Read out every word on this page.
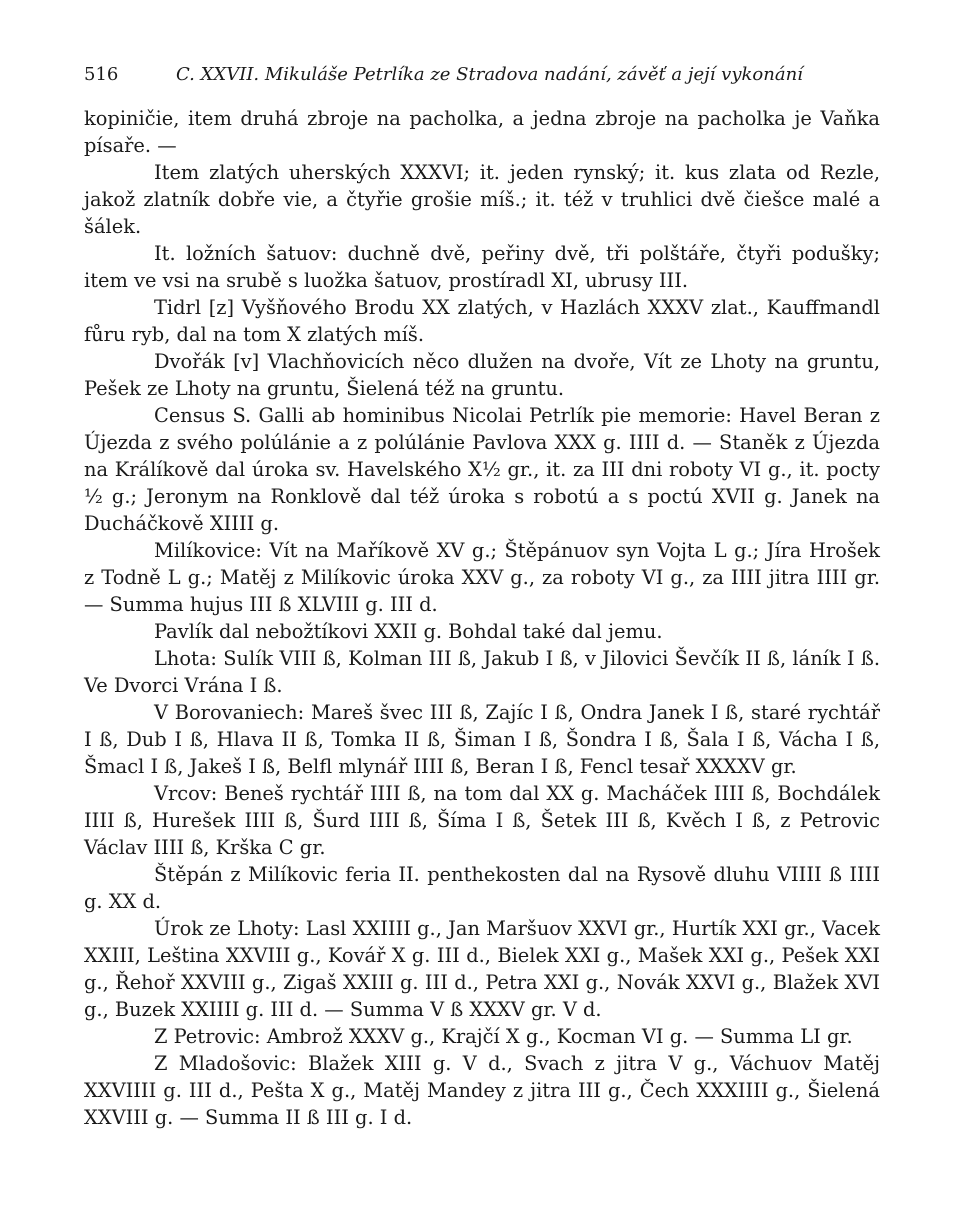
516	C. XXVII. Mikuláše Petrlíka ze Stradova nadání, závěť a její vykonání

kopiničie, item druhá zbroje na pacholka, a jedna zbroje na pacholka je Vaňka písaře. —

Item zlatých uherských XXXVI; it. jeden rynský; it. kus zlata od Rezle, jakož zlatník dobře vie, a čtyřie grošie míš.; it. též v truhlici dvě čiešce malé a šálek.

It. ložních šatuov: duchně dvě, peřiny dvě, tři polštáře, čtyři podušky; item ve vsi na srubě s luožka šatuov, prostíradl XI, ubrusy III.

Tidrl [z] Vyšňového Brodu XX zlatých, v Hazlách XXXV zlat., Kauffmandl fůru ryb, dal na tom X zlatých míš.

Dvořák [v] Vlachňovicích něco dlužen na dvoře, Vít ze Lhoty na gruntu, Pešek ze Lhoty na gruntu, Šielená též na gruntu.

Census S. Galli ab hominibus Nicolai Petrlík pie memorie: Havel Beran z Újezda z svého polúlánie a z polúlánie Pavlova XXX g. IIII d. — Staněk z Újezda na Králíkově dal úroka sv. Havelského X½ gr., it. za III dni roboty VI g., it. pocty ½ g.; Jeronym na Ronklově dal též úroka s robotú a s poctú XVII g. Janek na Ducháčkově XIIII g.

Milíkovice: Vít na Maříkově XV g.; Štěpánuov syn Vojta L g.; Jíra Hrošek z Todně L g.; Matěj z Milíkovic úroka XXV g., za roboty VI g., za IIII jitra IIII gr. — Summa hujus III ß XLVIII g. III d.

Pavlík dal nebožtíkovi XXII g. Bohdal také dal jemu.

Lhota: Sulík VIII ß, Kolman III ß, Jakub I ß, v Jilovici Ševčík II ß, láník I ß. Ve Dvorci Vrána I ß.

V Borovaniech: Mareš švec III ß, Zajíc I ß, Ondra Janek I ß, staré rychtář I ß, Dub I ß, Hlava II ß, Tomka II ß, Šiman I ß, Šondra I ß, Šala I ß, Vácha I ß, Šmacl I ß, Jakeš I ß, Belfl mlynář IIII ß, Beran I ß, Fencl tesař XXXXV gr.

Vrcov: Beneš rychtář IIII ß, na tom dal XX g. Macháček IIII ß, Bochdálek IIII ß, Hurešek IIII ß, Šurd IIII ß, Šíma I ß, Šetek III ß, Kvěch I ß, z Petrovic Václav IIII ß, Krška C gr.

Štěpán z Milíkovic feria II. penthekosten dal na Rysově dluhu VIIII ß IIII g. XX d.

Úrok ze Lhoty: Lasl XXIIII g., Jan Maršuov XXVI gr., Hurtík XXI gr., Vacek XXIII, Leština XXVIII g., Kovář X g. III d., Bielek XXI g., Mašek XXI g., Pešek XXI g., Řehoř XXVIII g., Zigaš XXIII g. III d., Petra XXI g., Novák XXVI g., Blažek XVI g., Buzek XXIIII g. III d. — Summa V ß XXXV gr. V d.

Z Petrovic: Ambrož XXXV g., Krajčí X g., Kocman VI g. — Summa LI gr.

Z Mladošovic: Blažek XIII g. V d., Svach z jitra V g., Váchuov Matěj XXVIIII g. III d., Pešta X g., Matěj Mandey z jitra III g., Čech XXXIIII g., Šielená XXVIII g. — Summa II ß III g. I d.
